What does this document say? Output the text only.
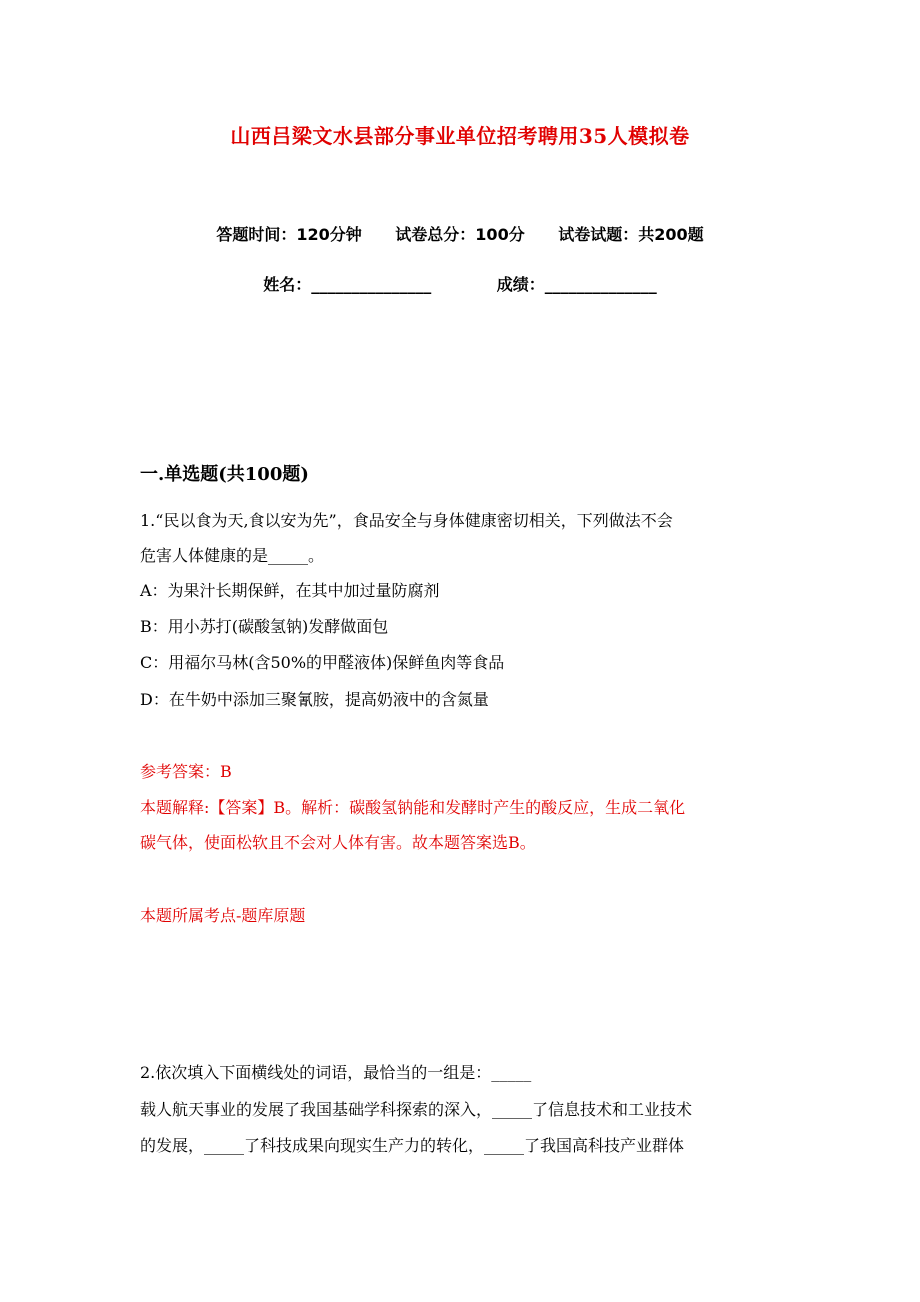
山西吕梁文水县部分事业单位招考聘用35人模拟卷
答题时间：120分钟 试卷总分：100分 试卷试题：共200题
姓名：_______________	成绩：______________
一.单选题(共100题)
1.“民以食为天,食以安为先”，食品安全与身体健康密切相关，下列做法不会
危害人体健康的是_____。
A：为果汁长期保鲜，在其中加过量防腐剂
B：用小苏打(碳酸氢钠)发酵做面包
C：用福尔马林(含50%的甲醛液体)保鲜鱼肉等食品
D：在牛奶中添加三聚氰胺，提高奶液中的含氮量
参考答案：B
本题解释:【答案】B。解析：碳酸氢钠能和发酵时产生的酸反应，生成二氧化
碳气体，使面松软且不会对人体有害。故本题答案选B。
本题所属考点-题库原题
2.依次填入下面横线处的词语，最恰当的一组是：_____
载人航天事业的发展了我国基础学科探索的深入，_____了信息技术和工业技术
的发展，_____了科技成果向现实生产力的转化，_____了我国高科技产业群体
